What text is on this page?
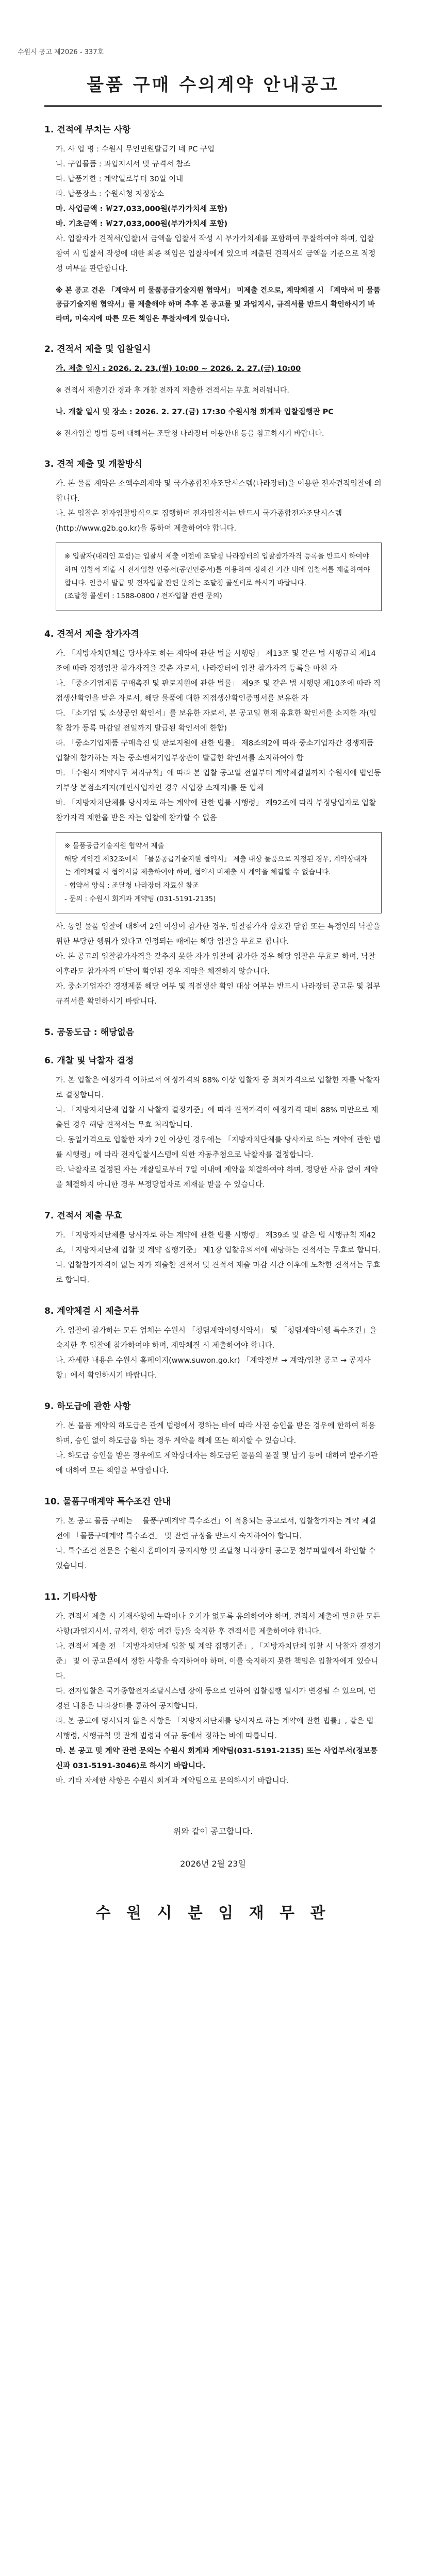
수원시 공고 제2026 - 337호
물품 구매 수의계약 안내공고

1. 견적에 부치는 사항

가. 사 업 명 : 수원시 무인민원발급기 네 PC 구입

나. 구입물품 : 과업지시서 및 규격서 참조

다. 납품기한 : 계약일로부터 30일 이내

라. 납품장소 : 수원시청 지정장소

마. 사업금액 : ￦27,033,000원(부가가치세 포함)

바. 기초금액 : ￦27,033,000원(부가가치세 포함)

사. 입찰자가 견적서(입찰)서 금액을 입찰서 작성 시 부가가치세를 포함하여 투찰하여야 하며, 입찰 참여 시 입찰서 작성에 대한 최종 책임은 입찰자에게 있으며 제출된 견적서의 금액을 기준으로 적정성 여부를 판단합니다.

※ 본 공고 건은 「계약서 미 물품공급기술지원 협약서」 미제출 건으로, 계약체결 시 「계약서 미 물품공급기술지원 협약서」를 제출해야 하며 추후 본 공고를 및 과업지시, 규격서를 반드시 확인하시기 바라며, 미숙지에 따른 모든 책임은 투찰자에게 있습니다.

2. 견적서 제출 및 입찰일시

가. 제출 일시 : 2026. 2. 23.(월) 10:00 ~ 2026. 2. 27.(금) 10:00

※ 견적서 제출기간 경과 후 개찰 전까지 제출한 견적서는 무효 처리됩니다.

나. 개찰 일시 및 장소 : 2026. 2. 27.(금) 17:30 수원시청 회계과 입찰집행관 PC

※ 전자입찰 방법 등에 대해서는 조달청 나라장터 이용안내 등을 참고하시기 바랍니다.

3. 견적 제출 및 개찰방식

가. 본 물품 계약은 소액수의계약 및 국가종합전자조달시스템(나라장터)을 이용한 전자견적입찰에 의합니다.

나. 본 입찰은 전자입찰방식으로 집행하며 전자입찰서는 반드시 국가종합전자조달시스템(http://www.g2b.go.kr)을 통하여 제출하여야 합니다.

※ 입찰자(대리인 포함)는 입찰서 제출 이전에 조달청 나라장터의 입찰참가자격 등록을 반드시 하여야 하며 입찰서 제출 시 전자입찰 인증서(공인인증서)를 이용하여 정해진 기간 내에 입찰서를 제출하여야 합니다. 인증서 발급 및 전자입찰 관련 문의는 조달청 콜센터로 하시기 바랍니다.
(조달청 콜센터 : 1588-0800 / 전자입찰 관련 문의)

4. 견적서 제출 참가자격

가. 「지방자치단체를 당사자로 하는 계약에 관한 법률 시행령」 제13조 및 같은 법 시행규칙 제14조에 따라 경쟁입찰 참가자격을 갖춘 자로서, 나라장터에 입찰 참가자격 등록을 마친 자

나. 「중소기업제품 구매촉진 및 판로지원에 관한 법률」 제9조 및 같은 법 시행령 제10조에 따라 직접생산확인을 받은 자로서, 해당 물품에 대한 직접생산확인증명서를 보유한 자

다. 「소기업 및 소상공인 확인서」를 보유한 자로서, 본 공고일 현재 유효한 확인서를 소지한 자(입찰 참가 등록 마감일 전일까지 발급된 확인서에 한함)

라. 「중소기업제품 구매촉진 및 판로지원에 관한 법률」 제8조의2에 따라 중소기업자간 경쟁제품 입찰에 참가하는 자는 중소벤처기업부장관이 발급한 확인서를 소지하여야 함

마. 「수원시 계약사무 처리규칙」에 따라 본 입찰 공고일 전일부터 계약체결일까지 수원시에 법인등기부상 본점소재지(개인사업자인 경우 사업장 소재지)를 둔 업체

바. 「지방자치단체를 당사자로 하는 계약에 관한 법률 시행령」 제92조에 따라 부정당업자로 입찰참가자격 제한을 받은 자는 입찰에 참가할 수 없음

※ 물품공급기술지원 협약서 제출
해당 계약건 제32조에서 「물품공급기술지원 협약서」 제출 대상 물품으로 지정된 경우, 계약상대자는 계약체결 시 협약서를 제출하여야 하며, 협약서 미제출 시 계약을 체결할 수 없습니다.
- 협약서 양식 : 조달청 나라장터 자료실 참조
- 문의 : 수원시 회계과 계약팀 (031-5191-2135)

사. 동일 물품 입찰에 대하여 2인 이상이 참가한 경우, 입찰참가자 상호간 담합 또는 특정인의 낙찰을 위한 부당한 행위가 있다고 인정되는 때에는 해당 입찰을 무효로 합니다.

아. 본 공고의 입찰참가자격을 갖추지 못한 자가 입찰에 참가한 경우 해당 입찰은 무효로 하며, 낙찰 이후라도 참가자격 미달이 확인된 경우 계약을 체결하지 않습니다.

자. 중소기업자간 경쟁제품 해당 여부 및 직접생산 확인 대상 여부는 반드시 나라장터 공고문 및 첨부 규격서를 확인하시기 바랍니다.

5. 공동도급 : 해당없음

6. 개찰 및 낙찰자 결정

가. 본 입찰은 예정가격 이하로서 예정가격의 88% 이상 입찰자 중 최저가격으로 입찰한 자를 낙찰자로 결정합니다.

나. 「지방자치단체 입찰 시 낙찰자 결정기준」에 따라 견적가격이 예정가격 대비 88% 미만으로 제출된 경우 해당 견적서는 무효 처리합니다.

다. 동일가격으로 입찰한 자가 2인 이상인 경우에는 「지방자치단체를 당사자로 하는 계약에 관한 법률 시행령」에 따라 전자입찰시스템에 의한 자동추첨으로 낙찰자를 결정합니다.

라. 낙찰자로 결정된 자는 개찰일로부터 7일 이내에 계약을 체결하여야 하며, 정당한 사유 없이 계약을 체결하지 아니한 경우 부정당업자로 제재를 받을 수 있습니다.

7. 견적서 제출 무효

가. 「지방자치단체를 당사자로 하는 계약에 관한 법률 시행령」 제39조 및 같은 법 시행규칙 제42조, 「지방자치단체 입찰 및 계약 집행기준」 제1장 입찰유의서에 해당하는 견적서는 무효로 합니다.

나. 입찰참가자격이 없는 자가 제출한 견적서 및 견적서 제출 마감 시간 이후에 도착한 견적서는 무효로 합니다.

8. 계약체결 시 제출서류

가. 입찰에 참가하는 모든 업체는 수원시 「청렴계약이행서약서」 및 「청렴계약이행 특수조건」을 숙지한 후 입찰에 참가하여야 하며, 계약체결 시 제출하여야 합니다.

나. 자세한 내용은 수원시 홈페이지(www.suwon.go.kr) 「계약정보 → 계약/입찰 공고 → 공지사항」에서 확인하시기 바랍니다.

9. 하도급에 관한 사항

가. 본 물품 계약의 하도급은 관계 법령에서 정하는 바에 따라 사전 승인을 받은 경우에 한하여 허용하며, 승인 없이 하도급을 하는 경우 계약을 해제 또는 해지할 수 있습니다.

나. 하도급 승인을 받은 경우에도 계약상대자는 하도급된 물품의 품질 및 납기 등에 대하여 발주기관에 대하여 모든 책임을 부담합니다.

10. 물품구매계약 특수조건 안내

가. 본 공고 물품 구매는 「물품구매계약 특수조건」이 적용되는 공고로서, 입찰참가자는 계약 체결 전에 「물품구매계약 특수조건」 및 관련 규정을 반드시 숙지하여야 합니다.

나. 특수조건 전문은 수원시 홈페이지 공지사항 및 조달청 나라장터 공고문 첨부파일에서 확인할 수 있습니다.

11. 기타사항

가. 견적서 제출 시 기재사항에 누락이나 오기가 없도록 유의하여야 하며, 견적서 제출에 필요한 모든 사항(과업지시서, 규격서, 현장 여건 등)을 숙지한 후 견적서를 제출하여야 합니다.

나. 견적서 제출 전 「지방자치단체 입찰 및 계약 집행기준」, 「지방자치단체 입찰 시 낙찰자 결정기준」 및 이 공고문에서 정한 사항을 숙지하여야 하며, 이를 숙지하지 못한 책임은 입찰자에게 있습니다.

다. 전자입찰은 국가종합전자조달시스템 장애 등으로 인하여 입찰집행 일시가 변경될 수 있으며, 변경된 내용은 나라장터를 통하여 공지합니다.

라. 본 공고에 명시되지 않은 사항은 「지방자치단체를 당사자로 하는 계약에 관한 법률」, 같은 법 시행령, 시행규칙 및 관계 법령과 예규 등에서 정하는 바에 따릅니다.

마. 본 공고 및 계약 관련 문의는 수원시 회계과 계약팀(031-5191-2135) 또는 사업부서(정보통신과 031-5191-3046)로 하시기 바랍니다.

바. 기타 자세한 사항은 수원시 회계과 계약팀으로 문의하시기 바랍니다.

위와 같이 공고합니다.
2026년 2월 23일
수 원 시 분 임 재 무 관
